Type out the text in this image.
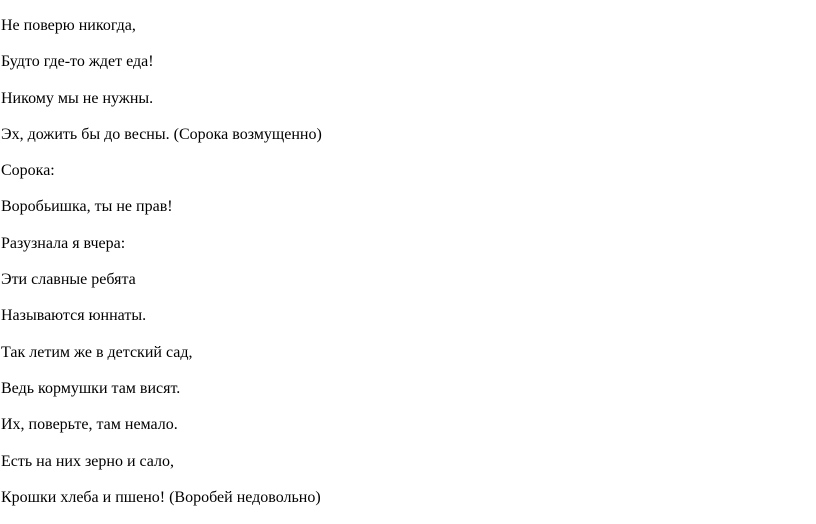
Не поверю никогда,
Будто где-то ждет еда!
Никому мы не нужны.
Эх, дожить бы до весны. (Сорока возмущенно)
Сорока:
Воробьишка, ты не прав!
Разузнала я вчера:
Эти славные ребята
Называются юннаты.
Так летим же в детский сад,
Ведь кормушки там висят.
Их, поверьте, там немало.
Есть на них зерно и сало,
Крошки хлеба и пшено! (Воробей недовольно)
